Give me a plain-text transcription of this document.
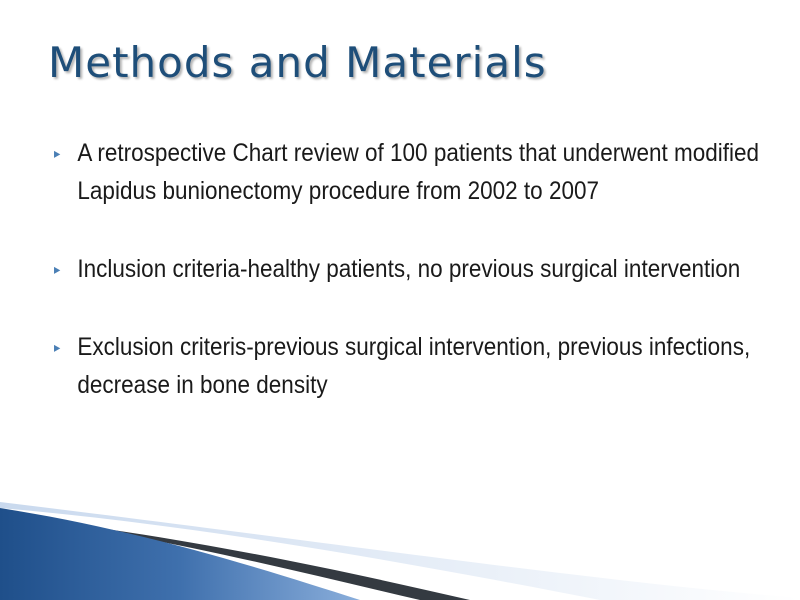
Methods and Materials
▸ A retrospective Chart review of 100 patients that underwent modified Lapidus bunionectomy procedure from 2002 to 2007
▸ Inclusion criteria-healthy patients, no previous surgical intervention
▸ Exclusion criteris-previous surgical intervention, previous infections, decrease in bone density
